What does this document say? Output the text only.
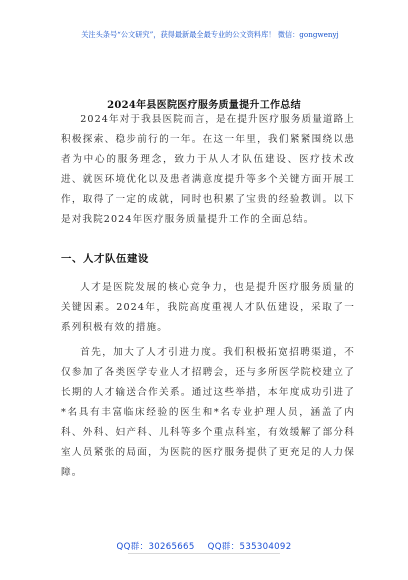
关注头条号“公文研究”，获得最新最全最专业的公文资料库！ 微信：gongwenyj
2024年县医院医疗服务质量提升工作总结

2024年对于我县医院而言，是在提升医疗服务质量道路上积极探索、稳步前行的一年。在这一年里，我们紧紧围绕以患者为中心的服务理念，致力于从人才队伍建设、医疗技术改进、就医环境优化以及患者满意度提升等多个关键方面开展工作，取得了一定的成就，同时也积累了宝贵的经验教训。以下是对我院2024年医疗服务质量提升工作的全面总结。

一、人才队伍建设

人才是医院发展的核心竞争力，也是提升医疗服务质量的关键因素。2024年，我院高度重视人才队伍建设，采取了一系列积极有效的措施。

首先，加大了人才引进力度。我们积极拓宽招聘渠道，不仅参加了各类医学专业人才招聘会，还与多所医学院校建立了长期的人才输送合作关系。通过这些举措，本年度成功引进了*名具有丰富临床经验的医生和*名专业护理人员，涵盖了内科、外科、妇产科、儿科等多个重点科室，有效缓解了部分科室人员紧张的局面，为医院的医疗服务提供了更充足的人力保障。

QQ群：30265665 QQ群：535304092
